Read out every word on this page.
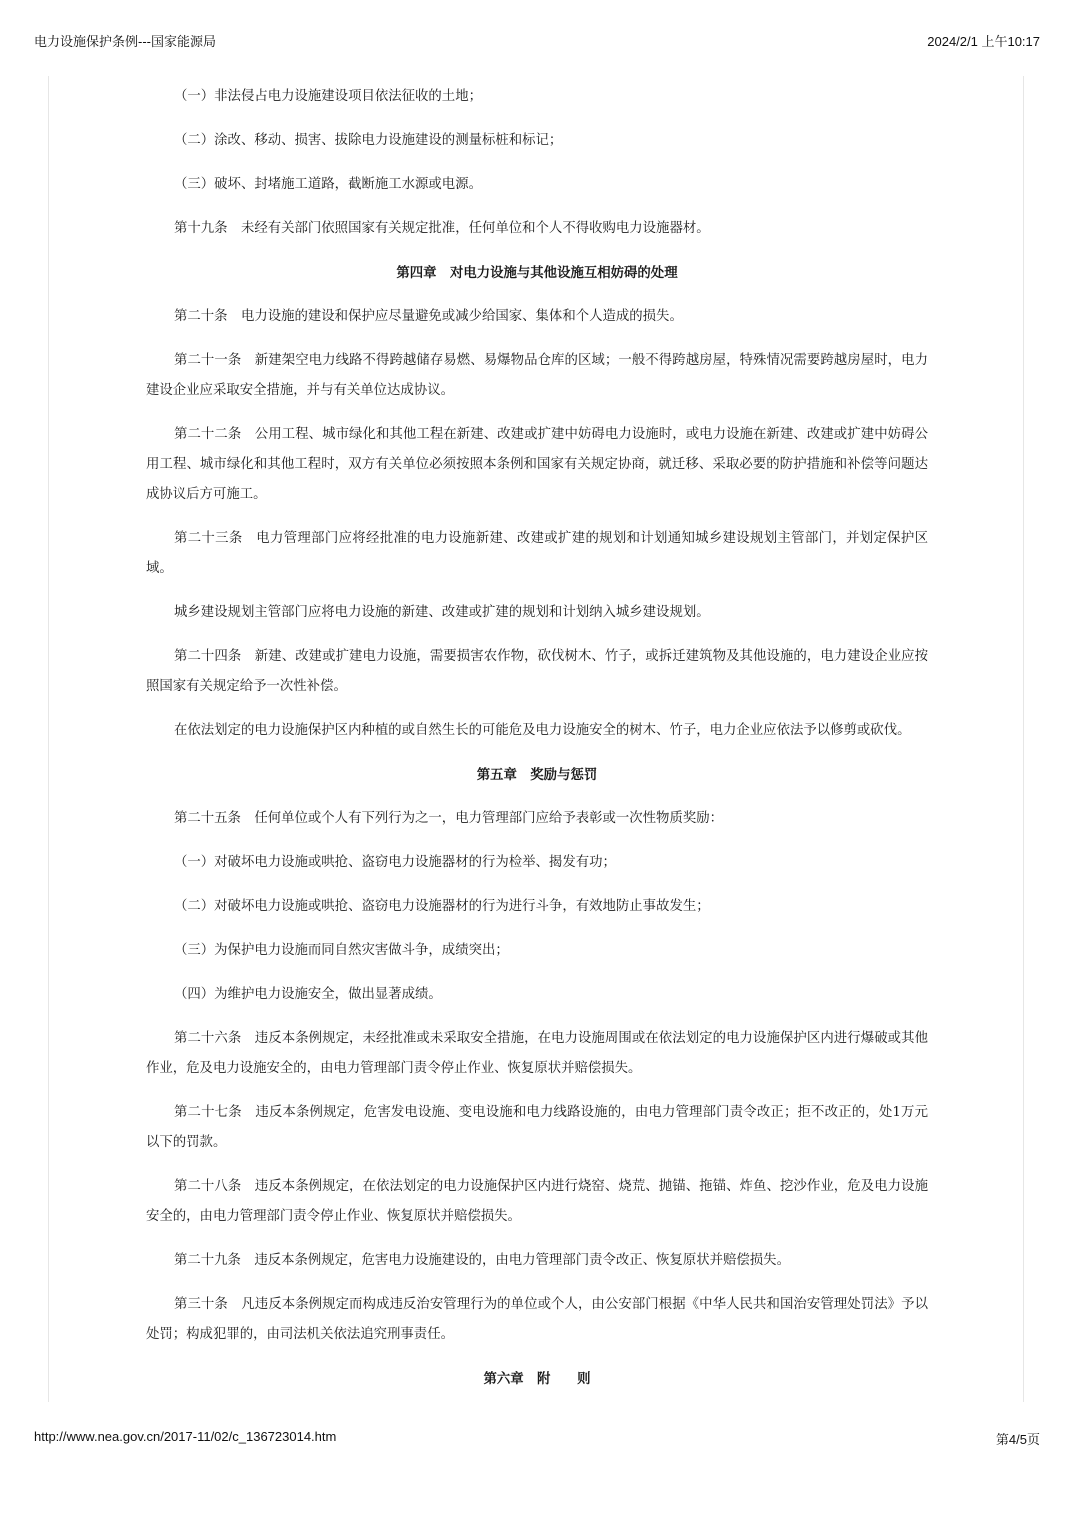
电力设施保护条例---国家能源局	2024/2/1 上午10:17

（一）非法侵占电力设施建设项目依法征收的土地；

（二）涂改、移动、损害、拔除电力设施建设的测量标桩和标记；

（三）破坏、封堵施工道路，截断施工水源或电源。

第十九条　未经有关部门依照国家有关规定批准，任何单位和个人不得收购电力设施器材。

第四章　对电力设施与其他设施互相妨碍的处理

第二十条　电力设施的建设和保护应尽量避免或减少给国家、集体和个人造成的损失。

第二十一条　新建架空电力线路不得跨越储存易燃、易爆物品仓库的区域；一般不得跨越房屋，特殊情况需要跨越房屋时，电力建设企业应采取安全措施，并与有关单位达成协议。

第二十二条　公用工程、城市绿化和其他工程在新建、改建或扩建中妨碍电力设施时，或电力设施在新建、改建或扩建中妨碍公用工程、城市绿化和其他工程时，双方有关单位必须按照本条例和国家有关规定协商，就迁移、采取必要的防护措施和补偿等问题达成协议后方可施工。

第二十三条　电力管理部门应将经批准的电力设施新建、改建或扩建的规划和计划通知城乡建设规划主管部门，并划定保护区域。

城乡建设规划主管部门应将电力设施的新建、改建或扩建的规划和计划纳入城乡建设规划。

第二十四条　新建、改建或扩建电力设施，需要损害农作物，砍伐树木、竹子，或拆迁建筑物及其他设施的，电力建设企业应按照国家有关规定给予一次性补偿。

在依法划定的电力设施保护区内种植的或自然生长的可能危及电力设施安全的树木、竹子，电力企业应依法予以修剪或砍伐。

第五章　奖励与惩罚

第二十五条　任何单位或个人有下列行为之一，电力管理部门应给予表彰或一次性物质奖励：

（一）对破坏电力设施或哄抢、盗窃电力设施器材的行为检举、揭发有功；

（二）对破坏电力设施或哄抢、盗窃电力设施器材的行为进行斗争，有效地防止事故发生；

（三）为保护电力设施而同自然灾害做斗争，成绩突出；

（四）为维护电力设施安全，做出显著成绩。

第二十六条　违反本条例规定，未经批准或未采取安全措施，在电力设施周围或在依法划定的电力设施保护区内进行爆破或其他作业，危及电力设施安全的，由电力管理部门责令停止作业、恢复原状并赔偿损失。

第二十七条　违反本条例规定，危害发电设施、变电设施和电力线路设施的，由电力管理部门责令改正；拒不改正的，处1万元以下的罚款。

第二十八条　违反本条例规定，在依法划定的电力设施保护区内进行烧窑、烧荒、抛锚、拖锚、炸鱼、挖沙作业，危及电力设施安全的，由电力管理部门责令停止作业、恢复原状并赔偿损失。

第二十九条　违反本条例规定，危害电力设施建设的，由电力管理部门责令改正、恢复原状并赔偿损失。

第三十条　凡违反本条例规定而构成违反治安管理行为的单位或个人，由公安部门根据《中华人民共和国治安管理处罚法》予以处罚；构成犯罪的，由司法机关依法追究刑事责任。

第六章　附　　则

http://www.nea.gov.cn/2017-11/02/c_136723014.htm	第4/5页
